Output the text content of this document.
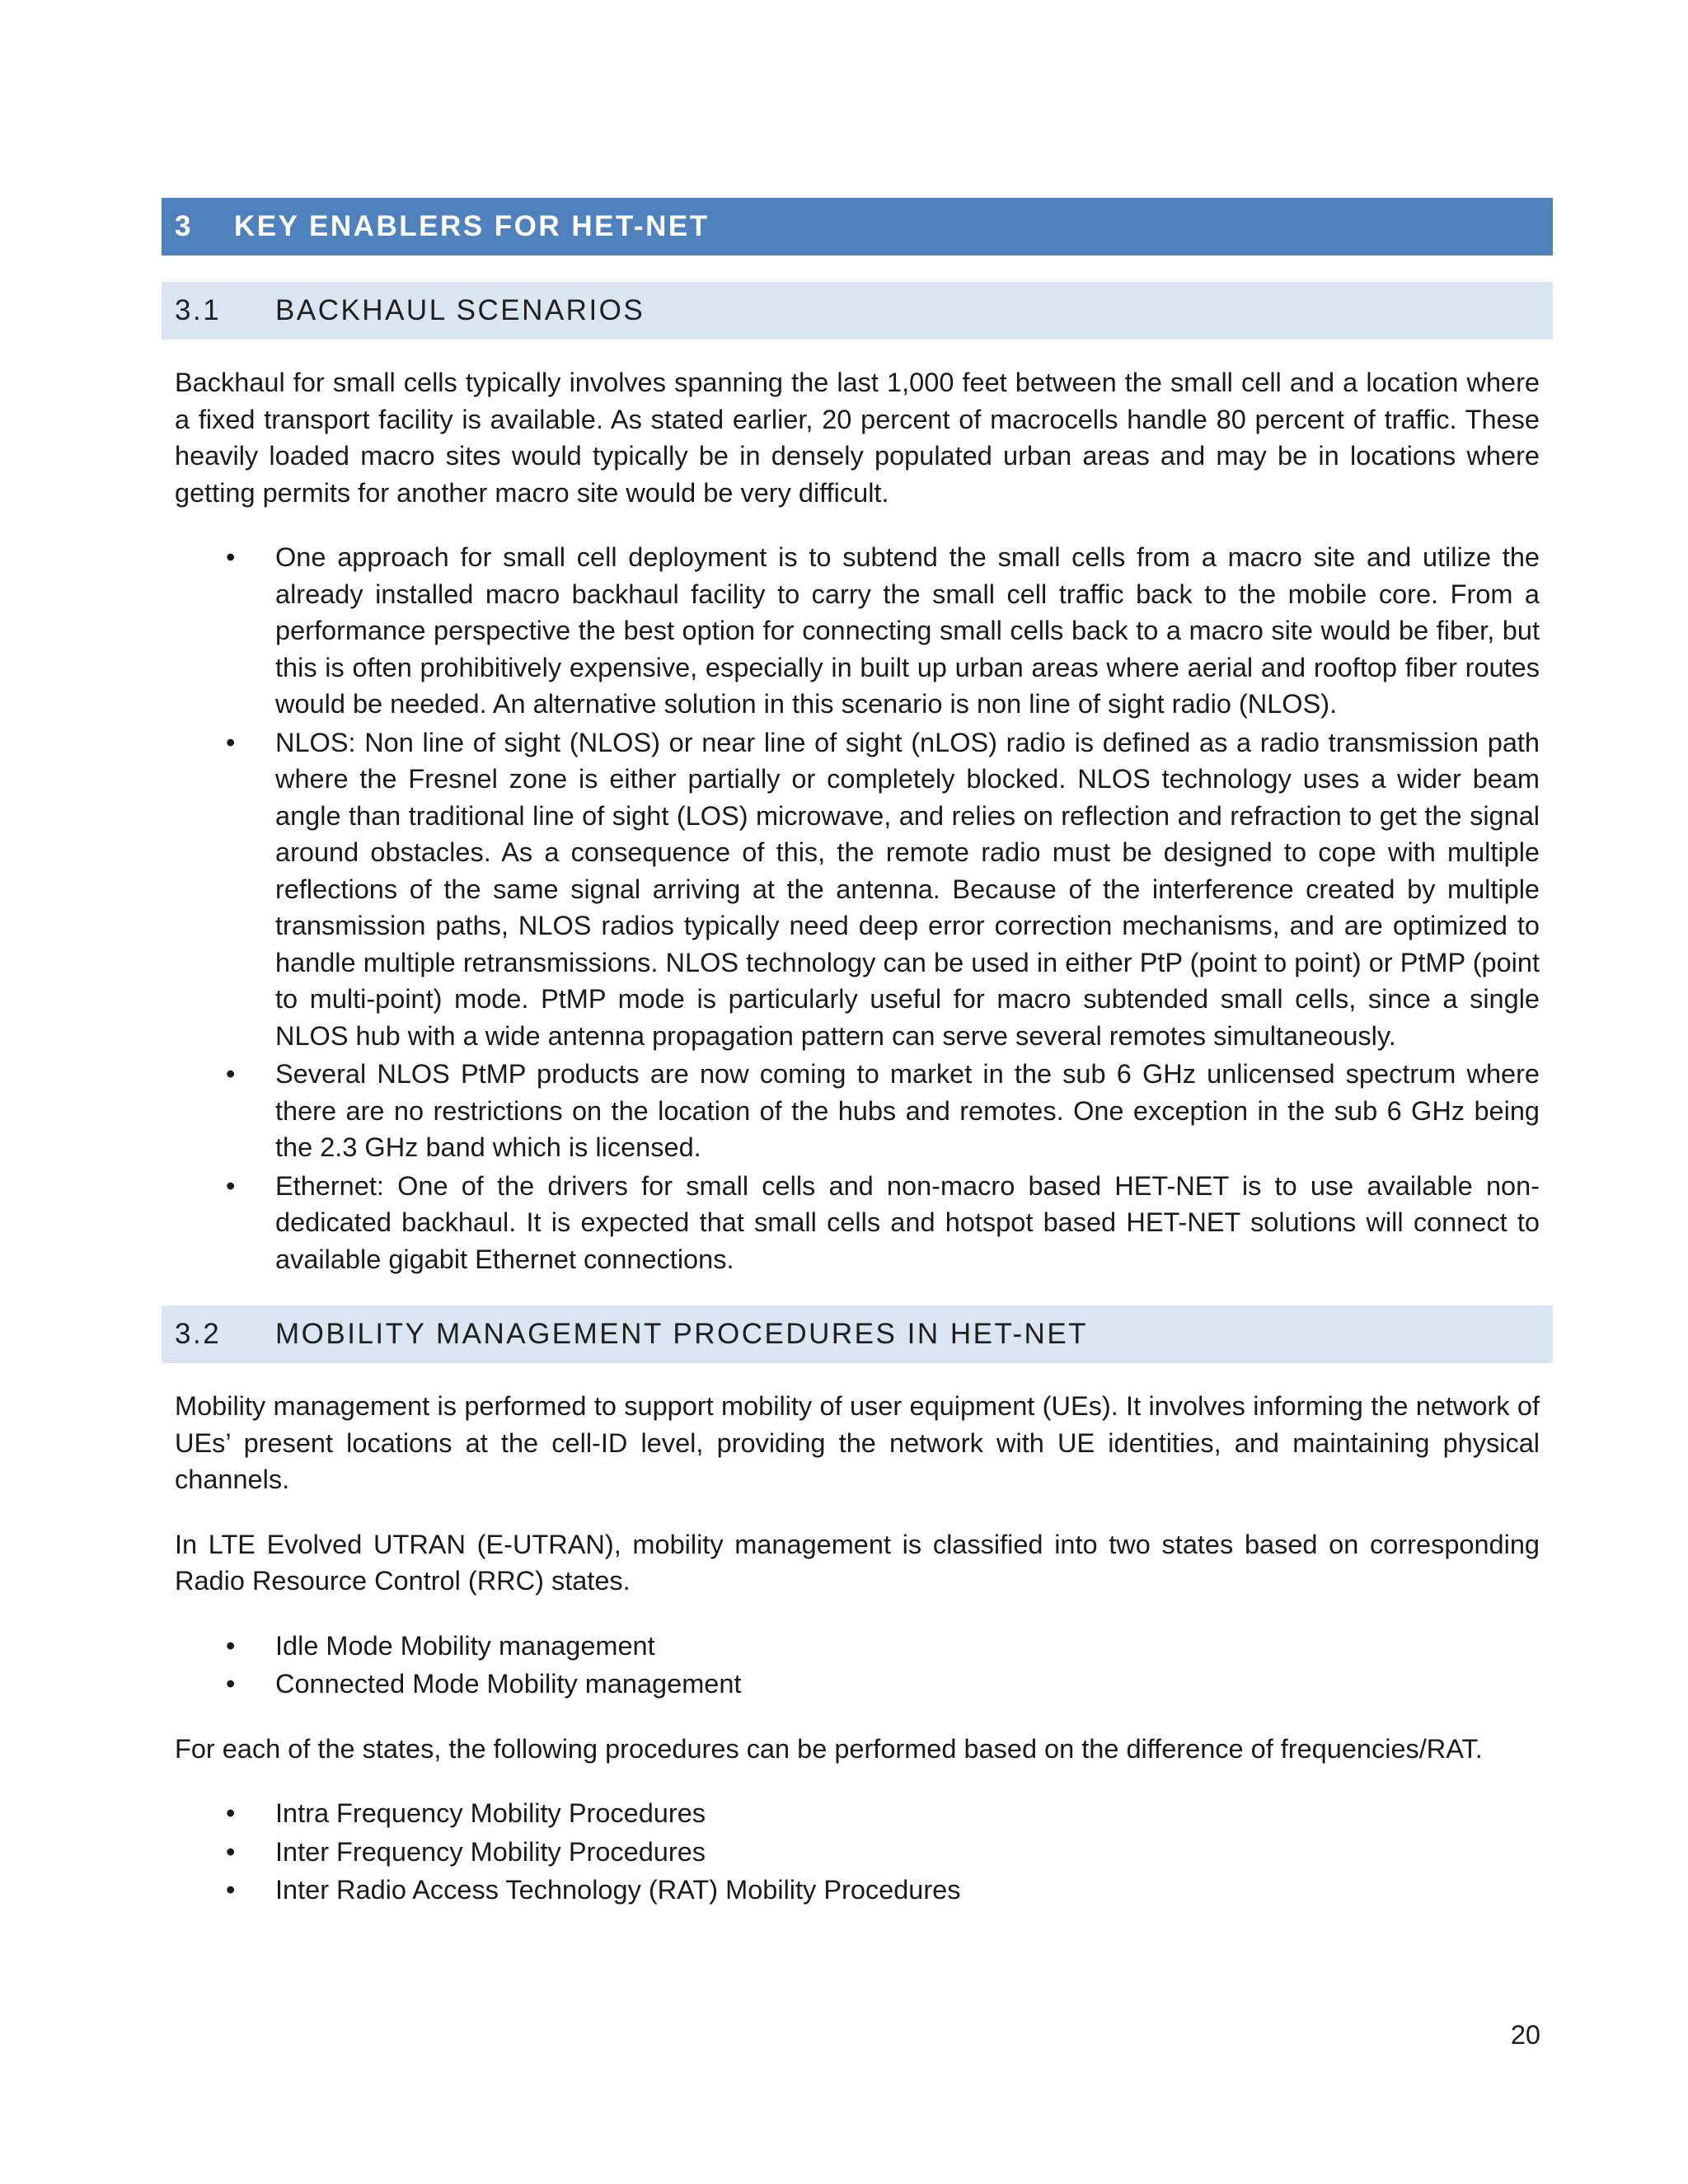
3	KEY ENABLERS FOR HET-NET
3.1	BACKHAUL SCENARIOS

Backhaul for small cells typically involves spanning the last 1,000 feet between the small cell and a location where a fixed transport facility is available. As stated earlier, 20 percent of macrocells handle 80 percent of traffic. These heavily loaded macro sites would typically be in densely populated urban areas and may be in locations where getting permits for another macro site would be very difficult.

• One approach for small cell deployment is to subtend the small cells from a macro site and utilize the already installed macro backhaul facility to carry the small cell traffic back to the mobile core. From a performance perspective the best option for connecting small cells back to a macro site would be fiber, but this is often prohibitively expensive, especially in built up urban areas where aerial and rooftop fiber routes would be needed. An alternative solution in this scenario is non line of sight radio (NLOS).
• NLOS: Non line of sight (NLOS) or near line of sight (nLOS) radio is defined as a radio transmission path where the Fresnel zone is either partially or completely blocked. NLOS technology uses a wider beam angle than traditional line of sight (LOS) microwave, and relies on reflection and refraction to get the signal around obstacles. As a consequence of this, the remote radio must be designed to cope with multiple reflections of the same signal arriving at the antenna. Because of the interference created by multiple transmission paths, NLOS radios typically need deep error correction mechanisms, and are optimized to handle multiple retransmissions. NLOS technology can be used in either PtP (point to point) or PtMP (point to multi-point) mode. PtMP mode is particularly useful for macro subtended small cells, since a single NLOS hub with a wide antenna propagation pattern can serve several remotes simultaneously.
• Several NLOS PtMP products are now coming to market in the sub 6 GHz unlicensed spectrum where there are no restrictions on the location of the hubs and remotes. One exception in the sub 6 GHz being the 2.3 GHz band which is licensed.
• Ethernet: One of the drivers for small cells and non-macro based HET-NET is to use available non-dedicated backhaul. It is expected that small cells and hotspot based HET-NET solutions will connect to available gigabit Ethernet connections.
3.2	MOBILITY MANAGEMENT PROCEDURES IN HET-NET

Mobility management is performed to support mobility of user equipment (UEs). It involves informing the network of UEs’ present locations at the cell-ID level, providing the network with UE identities, and maintaining physical channels.

In LTE Evolved UTRAN (E-UTRAN), mobility management is classified into two states based on corresponding Radio Resource Control (RRC) states.

• Idle Mode Mobility management
• Connected Mode Mobility management

For each of the states, the following procedures can be performed based on the difference of frequencies/RAT.

• Intra Frequency Mobility Procedures
• Inter Frequency Mobility Procedures
• Inter Radio Access Technology (RAT) Mobility Procedures
20
